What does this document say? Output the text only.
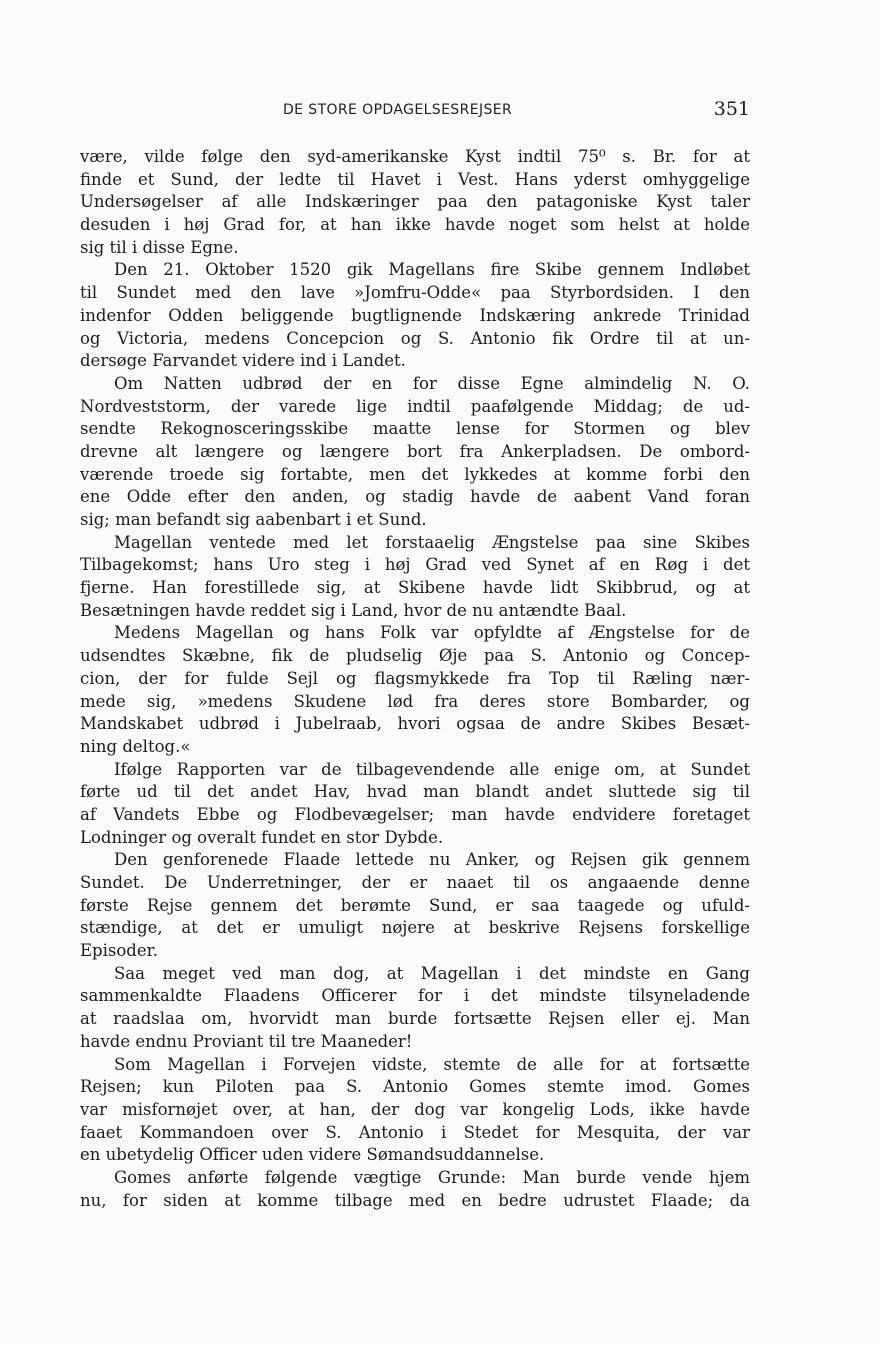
DE STORE OPDAGELSESREJSER	351
være, vilde følge den syd-amerikanske Kyst indtil 75⁰ s. Br. for at
finde et Sund, der ledte til Havet i Vest. Hans yderst omhyggelige
Undersøgelser af alle Indskæringer paa den patagoniske Kyst taler
desuden i høj Grad for, at han ikke havde noget som helst at holde
sig til i disse Egne.
Den 21. Oktober 1520 gik Magellans fire Skibe gennem Indløbet
til Sundet med den lave »Jomfru-Odde« paa Styrbordsiden. I den
indenfor Odden beliggende bugtlignende Indskæring ankrede Trinidad
og Victoria, medens Concepcion og S. Antonio fik Ordre til at un-
dersøge Farvandet videre ind i Landet.
Om Natten udbrød der en for disse Egne almindelig N. O.
Nordveststorm, der varede lige indtil paafølgende Middag; de ud-
sendte Rekognosceringsskibe maatte lense for Stormen og blev
drevne alt længere og længere bort fra Ankerpladsen. De ombord-
værende troede sig fortabte, men det lykkedes at komme forbi den
ene Odde efter den anden, og stadig havde de aabent Vand foran
sig; man befandt sig aabenbart i et Sund.
Magellan ventede med let forstaaelig Ængstelse paa sine Skibes
Tilbagekomst; hans Uro steg i høj Grad ved Synet af en Røg i det
fjerne. Han forestillede sig, at Skibene havde lidt Skibbrud, og at
Besætningen havde reddet sig i Land, hvor de nu antændte Baal.
Medens Magellan og hans Folk var opfyldte af Ængstelse for de
udsendtes Skæbne, fik de pludselig Øje paa S. Antonio og Concep-
cion, der for fulde Sejl og flagsmykkede fra Top til Ræling nær-
mede sig, »medens Skudene lød fra deres store Bombarder, og
Mandskabet udbrød i Jubelraab, hvori ogsaa de andre Skibes Besæt-
ning deltog.«
Ifølge Rapporten var de tilbagevendende alle enige om, at Sundet
førte ud til det andet Hav, hvad man blandt andet sluttede sig til
af Vandets Ebbe og Flodbevægelser; man havde endvidere foretaget
Lodninger og overalt fundet en stor Dybde.
Den genforenede Flaade lettede nu Anker, og Rejsen gik gennem
Sundet. De Underretninger, der er naaet til os angaaende denne
første Rejse gennem det berømte Sund, er saa taagede og ufuld-
stændige, at det er umuligt nøjere at beskrive Rejsens forskellige
Episoder.
Saa meget ved man dog, at Magellan i det mindste en Gang
sammenkaldte Flaadens Officerer for i det mindste tilsyneladende
at raadslaa om, hvorvidt man burde fortsætte Rejsen eller ej. Man
havde endnu Proviant til tre Maaneder!
Som Magellan i Forvejen vidste, stemte de alle for at fortsætte
Rejsen; kun Piloten paa S. Antonio Gomes stemte imod. Gomes
var misfornøjet over, at han, der dog var kongelig Lods, ikke havde
faaet Kommandoen over S. Antonio i Stedet for Mesquita, der var
en ubetydelig Officer uden videre Sømandsuddannelse.
Gomes anførte følgende vægtige Grunde: Man burde vende hjem
nu, for siden at komme tilbage med en bedre udrustet Flaade; da
